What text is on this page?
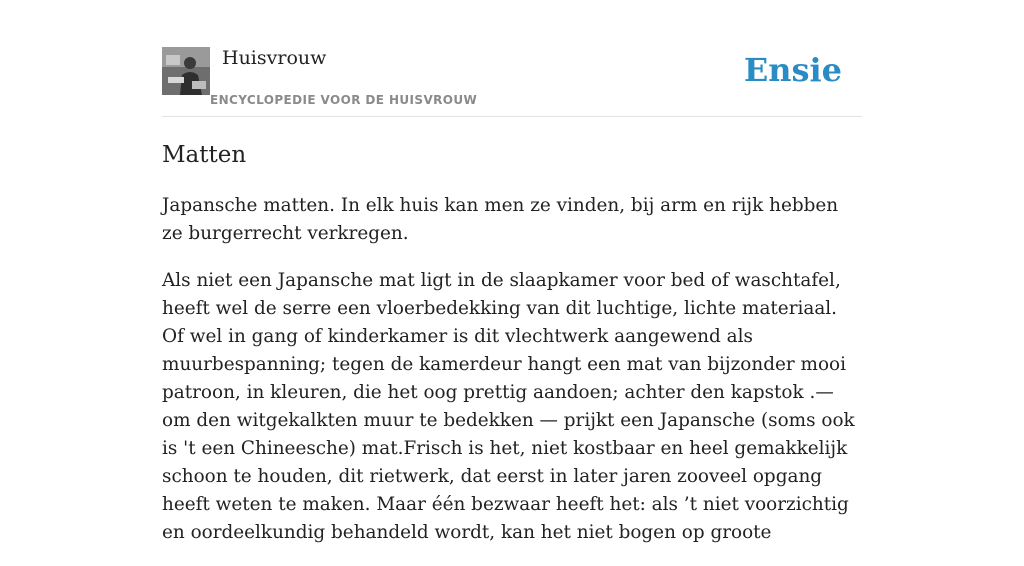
Huisvrouw
ENCYCLOPEDIE VOOR DE HUISVROUW
Ensie
Matten

Japansche matten. In elk huis kan men ze vinden, bij arm en rijk hebben ze burgerrecht verkregen.

Als niet een Japansche mat ligt in de slaapkamer voor bed of waschtafel, heeft wel de serre een vloerbedekking van dit luchtige, lichte materiaal. Of wel in gang of kinderkamer is dit vlechtwerk aangewend als muurbespanning; tegen de kamerdeur hangt een mat van bijzonder mooi patroon, in kleuren, die het oog prettig aandoen; achter den kapstok .— om den witgekalkten muur te bedekken — prijkt een Japansche (soms ook is 't een Chineesche) mat.Frisch is het, niet kostbaar en heel gemakkelijk schoon te houden, dit rietwerk, dat eerst in later jaren zooveel opgang heeft weten te maken. Maar één bezwaar heeft het: als ’t niet voorzichtig en oordeelkundig behandeld wordt, kan het niet bogen op groote
